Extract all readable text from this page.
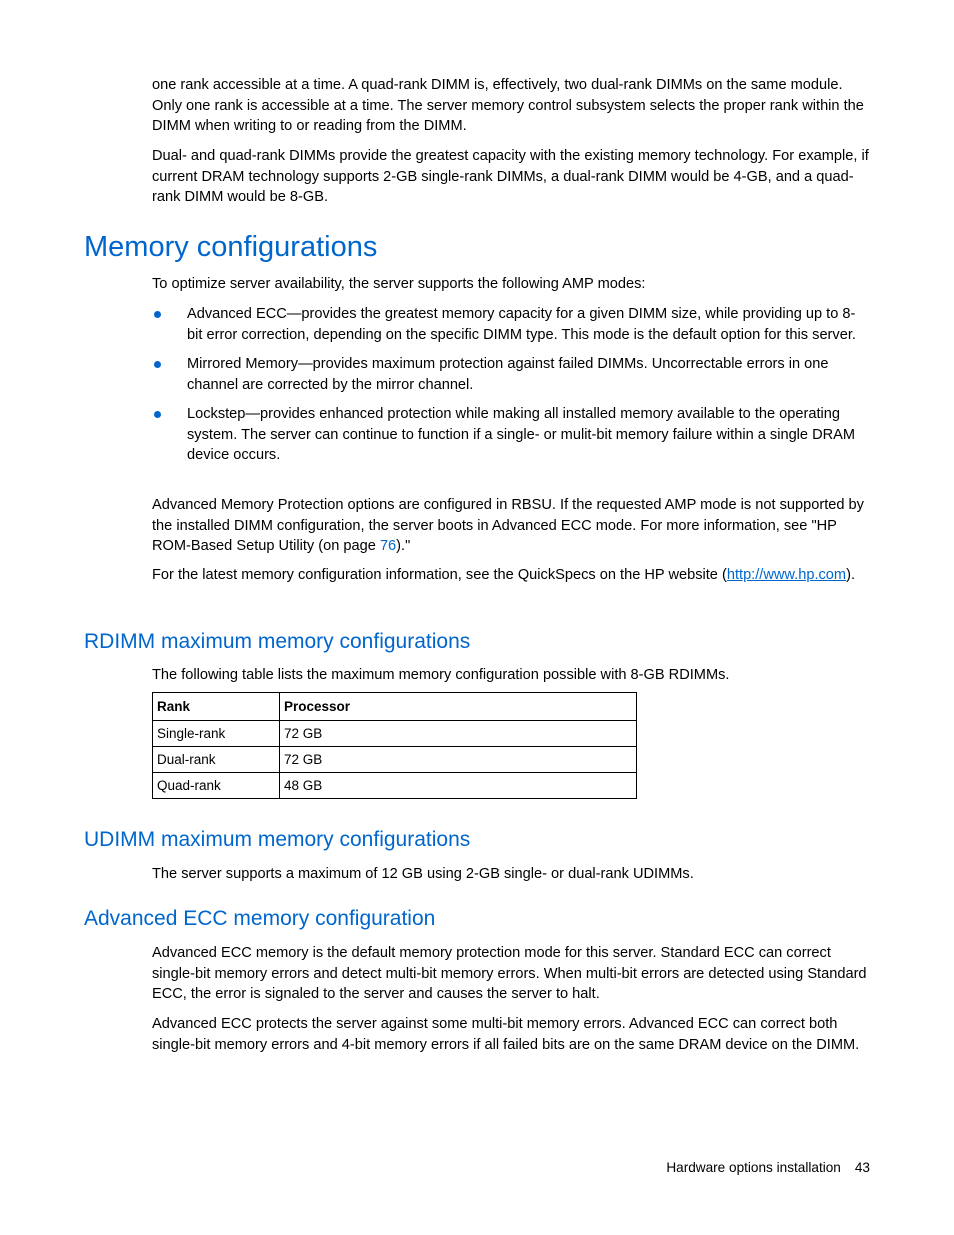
one rank accessible at a time. A quad-rank DIMM is, effectively, two dual-rank DIMMs on the same module. Only one rank is accessible at a time. The server memory control subsystem selects the proper rank within the DIMM when writing to or reading from the DIMM.

Dual- and quad-rank DIMMs provide the greatest capacity with the existing memory technology. For example, if current DRAM technology supports 2-GB single-rank DIMMs, a dual-rank DIMM would be 4-GB, and a quad-rank DIMM would be 8-GB.

Memory configurations

To optimize server availability, the server supports the following AMP modes:

Advanced ECC—provides the greatest memory capacity for a given DIMM size, while providing up to 8-bit error correction, depending on the specific DIMM type. This mode is the default option for this server.
Mirrored Memory—provides maximum protection against failed DIMMs. Uncorrectable errors in one channel are corrected by the mirror channel.
Lockstep—provides enhanced protection while making all installed memory available to the operating system. The server can continue to function if a single- or mulit-bit memory failure within a single DRAM device occurs.

Advanced Memory Protection options are configured in RBSU. If the requested AMP mode is not supported by the installed DIMM configuration, the server boots in Advanced ECC mode. For more information, see "HP ROM-Based Setup Utility (on page 76)."

For the latest memory configuration information, see the QuickSpecs on the HP website (http://www.hp.com).

RDIMM maximum memory configurations

The following table lists the maximum memory configuration possible with 8-GB RDIMMs.

Rank	Processor
Single-rank	72 GB
Dual-rank	72 GB
Quad-rank	48 GB
UDIMM maximum memory configurations

The server supports a maximum of 12 GB using 2-GB single- or dual-rank UDIMMs.

Advanced ECC memory configuration

Advanced ECC memory is the default memory protection mode for this server. Standard ECC can correct single-bit memory errors and detect multi-bit memory errors. When multi-bit errors are detected using Standard ECC, the error is signaled to the server and causes the server to halt.

Advanced ECC protects the server against some multi-bit memory errors. Advanced ECC can correct both single-bit memory errors and 4-bit memory errors if all failed bits are on the same DRAM device on the DIMM.

Hardware options installation 43
